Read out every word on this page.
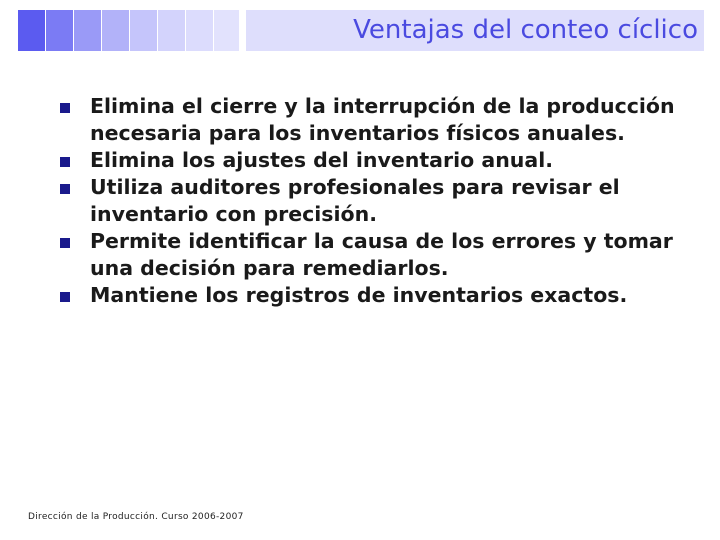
Ventajas del conteo cíclico
Elimina el cierre y la interrupción de la producción necesaria para los inventarios físicos anuales.
Elimina los ajustes del inventario anual.
Utiliza auditores profesionales para revisar el inventario con precisión.
Permite identificar la causa de los errores y tomar una decisión para remediarlos.
Mantiene los registros de inventarios exactos.
Dirección de la Producción. Curso 2006-2007
